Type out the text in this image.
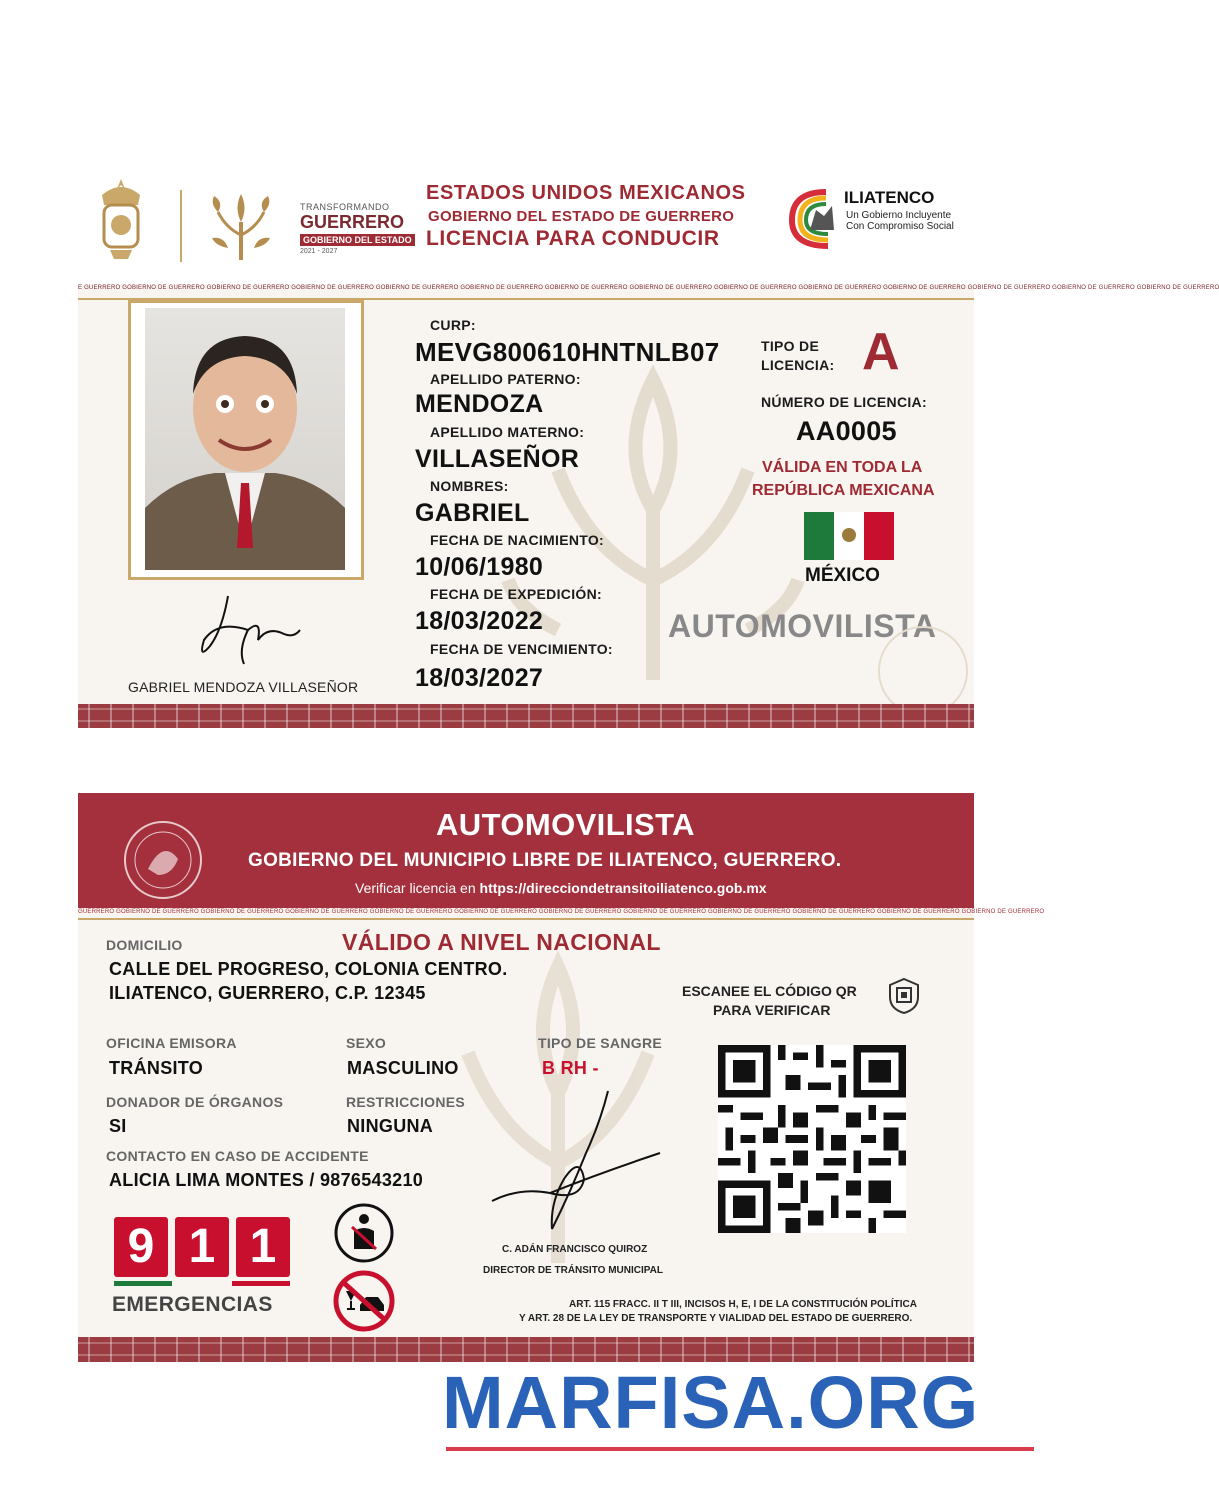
TRANSFORMANDO
GUERRERO
GOBIERNO DEL ESTADO
2021 - 2027
ESTADOS UNIDOS MEXICANOS
GOBIERNO DEL ESTADO DE GUERRERO
LICENCIA PARA CONDUCIR
ILIATENCO
Un Gobierno Incluyente
Con Compromiso Social
E GUERRERO GOBIERNO DE GUERRERO GOBIERNO DE GUERRERO GOBIERNO DE GUERRERO GOBIERNO DE GUERRERO GOBIERNO DE GUERRERO GOBIERNO DE GUERRERO GOBIERNO DE GUERRERO GOBIERNO DE GUERRERO GOBIERNO DE GUERRERO GOBIERNO DE GUERRERO GOBIERNO DE GUERRERO GOBIERNO DE GUERRERO GOBIERNO DE GUERRERO
GABRIEL MENDOZA VILLASEÑOR
CURP:
MEVG800610HNTNLB07
APELLIDO PATERNO:
MENDOZA
APELLIDO MATERNO:
VILLASEÑOR
NOMBRES:
GABRIEL
FECHA DE NACIMIENTO:
10/06/1980
FECHA DE EXPEDICIÓN:
18/03/2022
FECHA DE VENCIMIENTO:
18/03/2027
TIPO DE
LICENCIA: A
NÚMERO DE LICENCIA:
AA0005
VÁLIDA EN TODA LA
REPÚBLICA MEXICANA
MÉXICO
AUTOMOVILISTA
AUTOMOVILISTA
GOBIERNO DEL MUNICIPIO LIBRE DE ILIATENCO, GUERRERO.
Verificar licencia en https://direcciondetransitoiliatenco.gob.mx
GUERRERO GOBIERNO DE GUERRERO GOBIERNO DE GUERRERO GOBIERNO DE GUERRERO GOBIERNO DE GUERRERO GOBIERNO DE GUERRERO GOBIERNO DE GUERRERO GOBIERNO DE GUERRERO GOBIERNO DE GUERRERO GOBIERNO DE GUERRERO GOBIERNO DE GUERRERO GOBIERNO DE GUERRERO
VÁLIDO A NIVEL NACIONAL
DOMICILIO
CALLE DEL PROGRESO, COLONIA CENTRO.
ILIATENCO, GUERRERO, C.P. 12345	ESCANEE EL CÓDIGO QR
PARA VERIFICAR
OFICINA EMISORA
TRÁNSITO
SEXO
MASCULINO
TIPO DE SANGRE
B RH -
DONADOR DE ÓRGANOS
SI
RESTRICCIONES
NINGUNA
CONTACTO EN CASO DE ACCIDENTE
ALICIA LIMA MONTES / 9876543210
9 1 1
EMERGENCIAS
C. ADÁN FRANCISCO QUIROZ
DIRECTOR DE TRÁNSITO MUNICIPAL
ART. 115 FRACC. II T III, INCISOS H, E, I DE LA CONSTITUCIÓN POLÍTICA
Y ART. 28 DE LA LEY DE TRANSPORTE Y VIALIDAD DEL ESTADO DE GUERRERO.
MARFISA.ORG
